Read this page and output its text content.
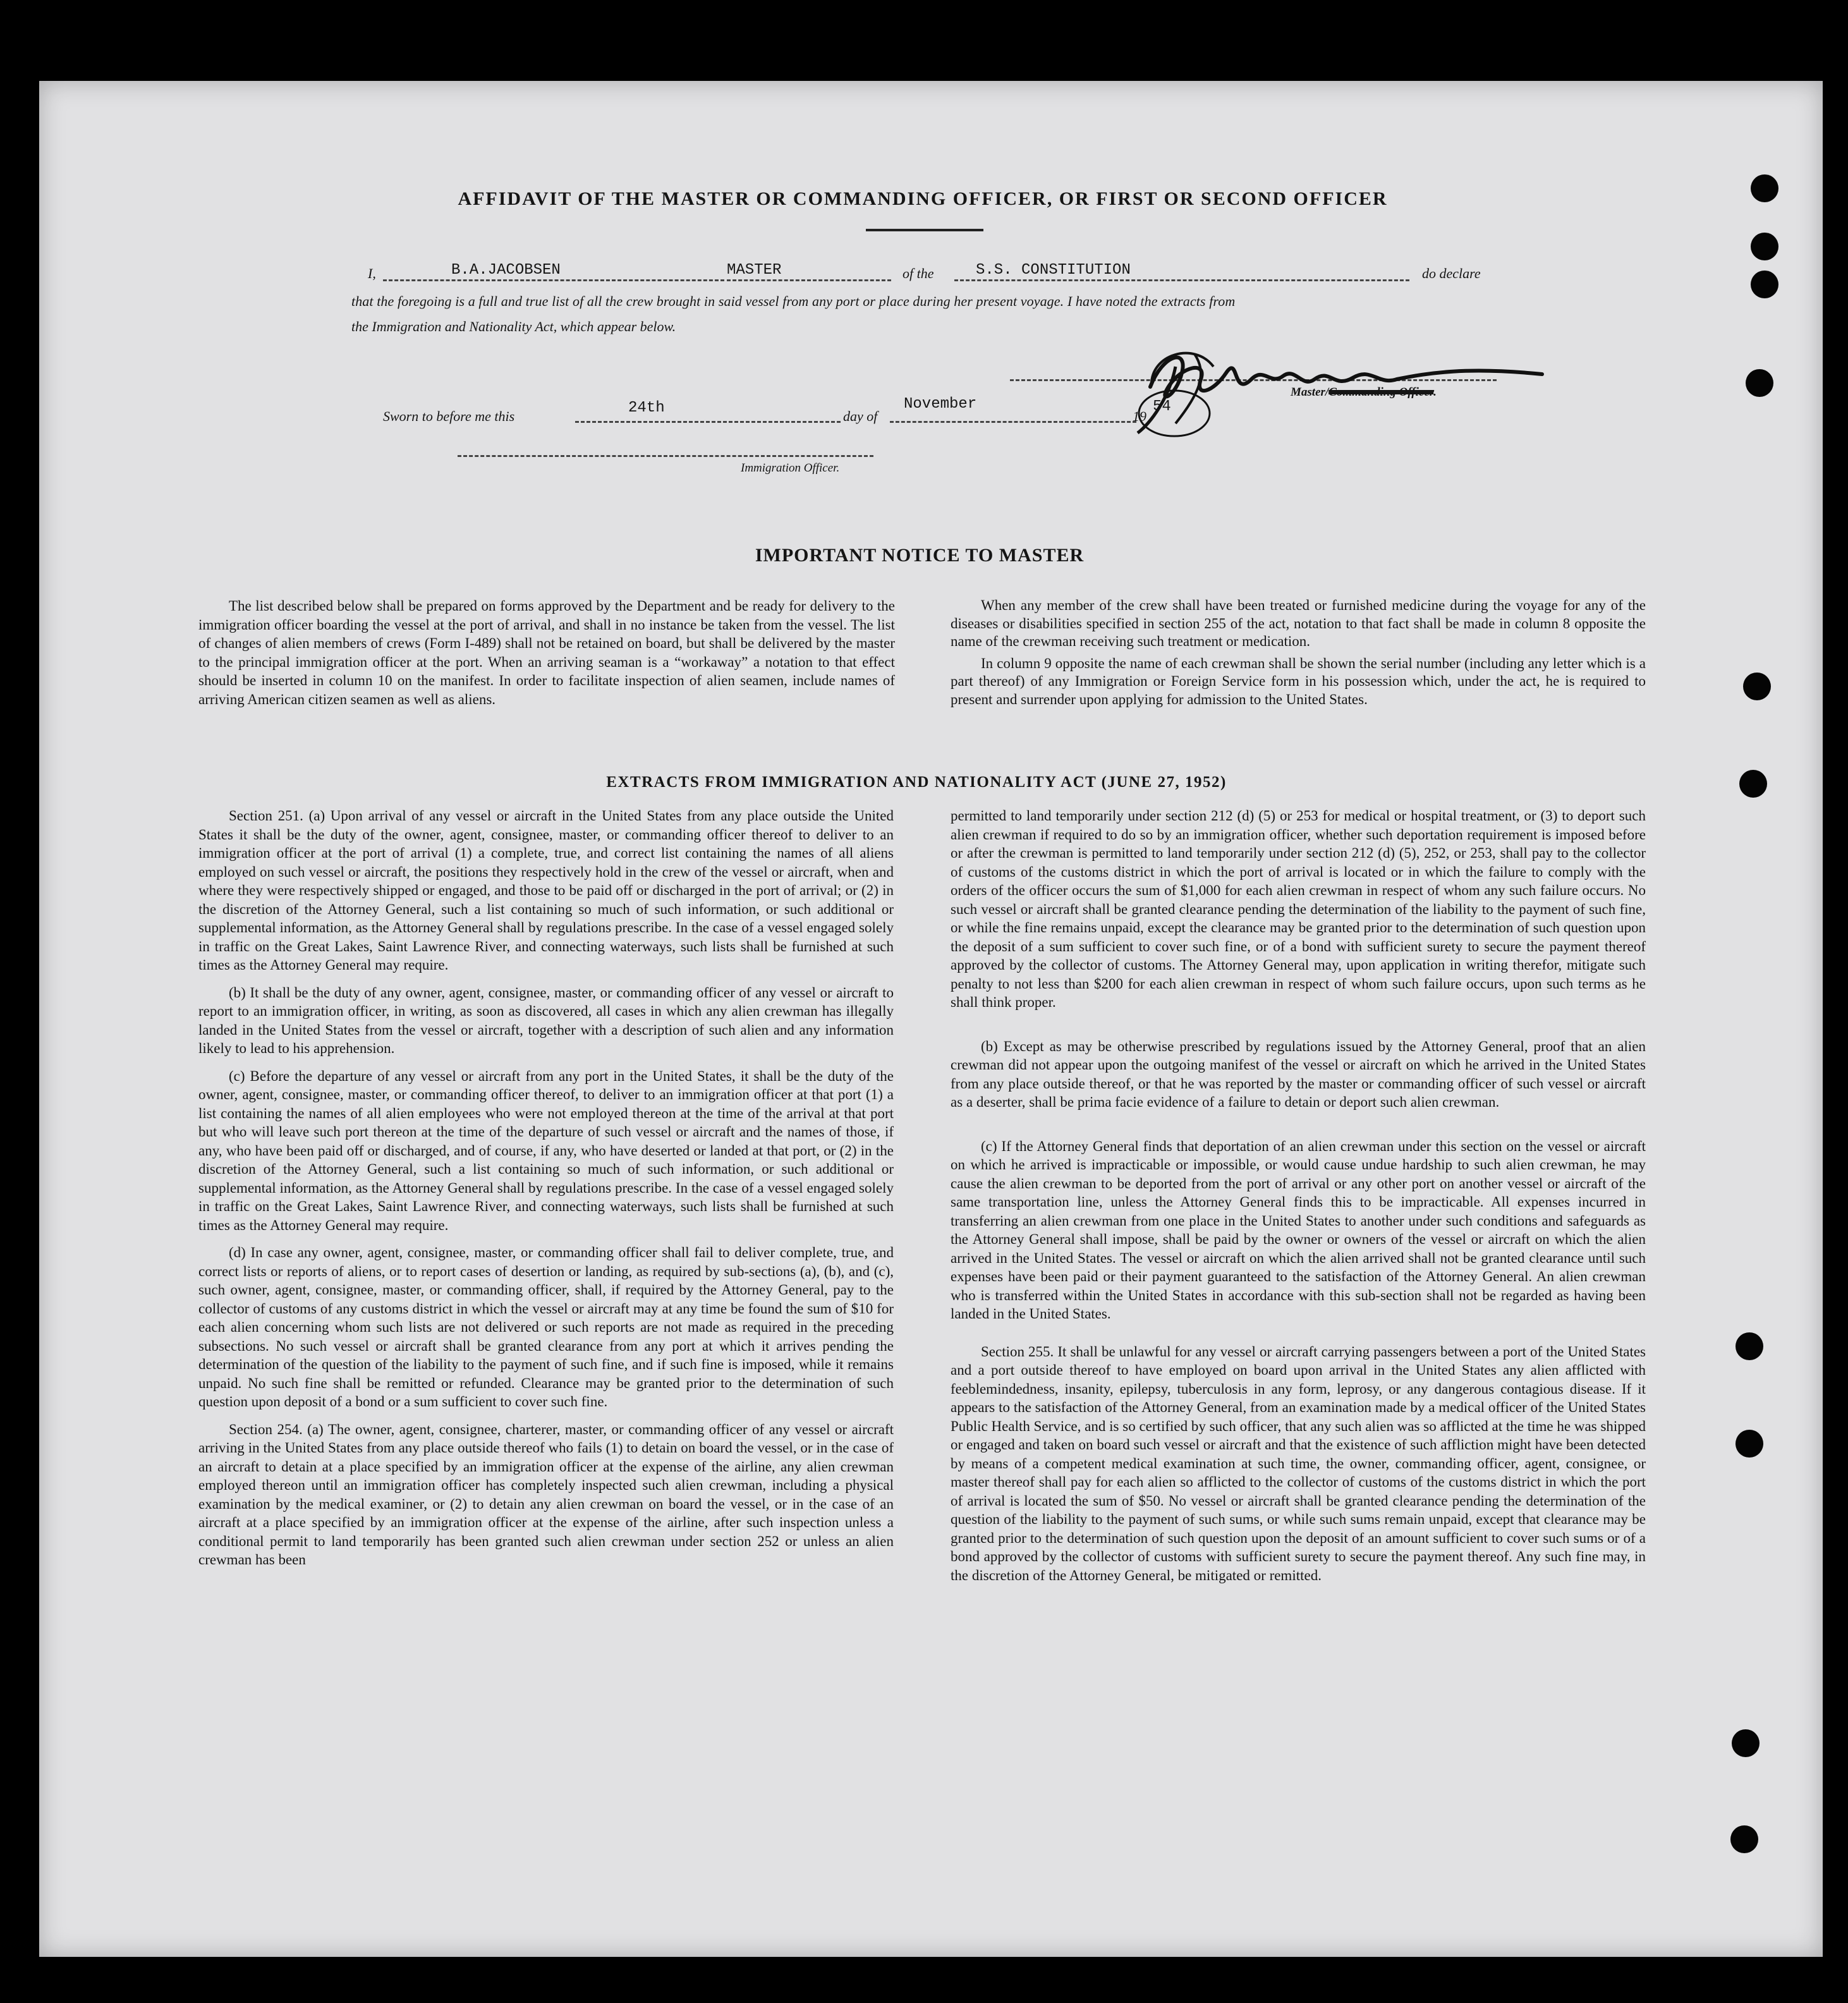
AFFIDAVIT OF THE MASTER OR COMMANDING OFFICER, OR FIRST OR SECOND OFFICER
I,	B.A.JACOBSEN	MASTER	of the	S.S. CONSTITUTION	do declare
that the foregoing is a full and true list of all the crew brought in said vessel from any port or place during her present voyage. I have noted the extracts from
the Immigration and Nationality Act, which appear below.
Master/Commanding Officer.
Sworn to before me this	24th	day of
November
19
54
Immigration Officer.
IMPORTANT NOTICE TO MASTER

The list described below shall be prepared on forms approved by the Department and be ready for delivery to the immigration officer boarding the vessel at the port of arrival, and shall in no instance be taken from the vessel. The list of changes of alien members of crews (Form I-489) shall not be retained on board, but shall be delivered by the master to the principal immigration officer at the port. When an arriving seaman is a “workaway” a notation to that effect should be inserted in column 10 on the manifest. In order to facilitate inspection of alien seamen, include names of arriving American citizen seamen as well as aliens.

When any member of the crew shall have been treated or furnished medicine during the voyage for any of the diseases or disabilities specified in section 255 of the act, notation to that fact shall be made in column 8 opposite the name of the crewman receiving such treatment or medication.

In column 9 opposite the name of each crewman shall be shown the serial number (including any letter which is a part thereof) of any Immigration or Foreign Service form in his possession which, under the act, he is required to present and surrender upon applying for admission to the United States.

EXTRACTS FROM IMMIGRATION AND NATIONALITY ACT (JUNE 27, 1952)

Section 251. (a) Upon arrival of any vessel or aircraft in the United States from any place outside the United States it shall be the duty of the owner, agent, consignee, master, or commanding officer thereof to deliver to an immigration officer at the port of arrival (1) a complete, true, and correct list containing the names of all aliens employed on such vessel or aircraft, the positions they respectively hold in the crew of the vessel or aircraft, when and where they were respectively shipped or engaged, and those to be paid off or discharged in the port of arrival; or (2) in the discretion of the Attorney General, such a list containing so much of such information, or such additional or supplemental information, as the Attorney General shall by regulations prescribe. In the case of a vessel engaged solely in traffic on the Great Lakes, Saint Lawrence River, and connecting waterways, such lists shall be furnished at such times as the Attorney General may require.

(b) It shall be the duty of any owner, agent, consignee, master, or commanding officer of any vessel or aircraft to report to an immigration officer, in writing, as soon as discovered, all cases in which any alien crewman has illegally landed in the United States from the vessel or aircraft, together with a description of such alien and any information likely to lead to his apprehension.

(c) Before the departure of any vessel or aircraft from any port in the United States, it shall be the duty of the owner, agent, consignee, master, or commanding officer thereof, to deliver to an immigration officer at that port (1) a list containing the names of all alien employees who were not employed thereon at the time of the arrival at that port but who will leave such port thereon at the time of the departure of such vessel or aircraft and the names of those, if any, who have been paid off or discharged, and of course, if any, who have deserted or landed at that port, or (2) in the discretion of the Attorney General, such a list containing so much of such information, or such additional or supplemental information, as the Attorney General shall by regulations prescribe. In the case of a vessel engaged solely in traffic on the Great Lakes, Saint Lawrence River, and connecting waterways, such lists shall be furnished at such times as the Attorney General may require.

(d) In case any owner, agent, consignee, master, or commanding officer shall fail to deliver complete, true, and correct lists or reports of aliens, or to report cases of desertion or landing, as required by sub-sections (a), (b), and (c), such owner, agent, consignee, master, or commanding officer, shall, if required by the Attorney General, pay to the collector of customs of any customs district in which the vessel or aircraft may at any time be found the sum of $10 for each alien concerning whom such lists are not delivered or such reports are not made as required in the preceding subsections. No such vessel or aircraft shall be granted clearance from any port at which it arrives pending the determination of the question of the liability to the payment of such fine, and if such fine is imposed, while it remains unpaid. No such fine shall be remitted or refunded. Clearance may be granted prior to the determination of such question upon deposit of a bond or a sum sufficient to cover such fine.

Section 254. (a) The owner, agent, consignee, charterer, master, or commanding officer of any vessel or aircraft arriving in the United States from any place outside thereof who fails (1) to detain on board the vessel, or in the case of an aircraft to detain at a place specified by an immigration officer at the expense of the airline, any alien crewman employed thereon until an immigration officer has completely inspected such alien crewman, including a physical examination by the medical examiner, or (2) to detain any alien crewman on board the vessel, or in the case of an aircraft at a place specified by an immigration officer at the expense of the airline, after such inspection unless a conditional permit to land temporarily has been granted such alien crewman under section 252 or unless an alien crewman has been

permitted to land temporarily under section 212 (d) (5) or 253 for medical or hospital treatment, or (3) to deport such alien crewman if required to do so by an immigration officer, whether such deportation requirement is imposed before or after the crewman is permitted to land temporarily under section 212 (d) (5), 252, or 253, shall pay to the collector of customs of the customs district in which the port of arrival is located or in which the failure to comply with the orders of the officer occurs the sum of $1,000 for each alien crewman in respect of whom any such failure occurs. No such vessel or aircraft shall be granted clearance pending the determination of the liability to the payment of such fine, or while the fine remains unpaid, except the clearance may be granted prior to the determination of such question upon the deposit of a sum sufficient to cover such fine, or of a bond with sufficient surety to secure the payment thereof approved by the collector of customs. The Attorney General may, upon application in writing therefor, mitigate such penalty to not less than $200 for each alien crewman in respect of whom such failure occurs, upon such terms as he shall think proper.

(b) Except as may be otherwise prescribed by regulations issued by the Attorney General, proof that an alien crewman did not appear upon the outgoing manifest of the vessel or aircraft on which he arrived in the United States from any place outside thereof, or that he was reported by the master or commanding officer of such vessel or aircraft as a deserter, shall be prima facie evidence of a failure to detain or deport such alien crewman.

(c) If the Attorney General finds that deportation of an alien crewman under this section on the vessel or aircraft on which he arrived is impracticable or impossible, or would cause undue hardship to such alien crewman, he may cause the alien crewman to be deported from the port of arrival or any other port on another vessel or aircraft of the same transportation line, unless the Attorney General finds this to be impracticable. All expenses incurred in transferring an alien crewman from one place in the United States to another under such conditions and safeguards as the Attorney General shall impose, shall be paid by the owner or owners of the vessel or aircraft on which the alien arrived in the United States. The vessel or aircraft on which the alien arrived shall not be granted clearance until such expenses have been paid or their payment guaranteed to the satisfaction of the Attorney General. An alien crewman who is transferred within the United States in accordance with this sub-section shall not be regarded as having been landed in the United States.

Section 255. It shall be unlawful for any vessel or aircraft carrying passengers between a port of the United States and a port outside thereof to have employed on board upon arrival in the United States any alien afflicted with feeblemindedness, insanity, epilepsy, tuberculosis in any form, leprosy, or any dangerous contagious disease. If it appears to the satisfaction of the Attorney General, from an examination made by a medical officer of the United States Public Health Service, and is so certified by such officer, that any such alien was so afflicted at the time he was shipped or engaged and taken on board such vessel or aircraft and that the existence of such affliction might have been detected by means of a competent medical examination at such time, the owner, commanding officer, agent, consignee, or master thereof shall pay for each alien so afflicted to the collector of customs of the customs district in which the port of arrival is located the sum of $50. No vessel or aircraft shall be granted clearance pending the determination of the question of the liability to the payment of such sums, or while such sums remain unpaid, except that clearance may be granted prior to the determination of such question upon the deposit of an amount sufficient to cover such sums or of a bond approved by the collector of customs with sufficient surety to secure the payment thereof. Any such fine may, in the discretion of the Attorney General, be mitigated or remitted.
